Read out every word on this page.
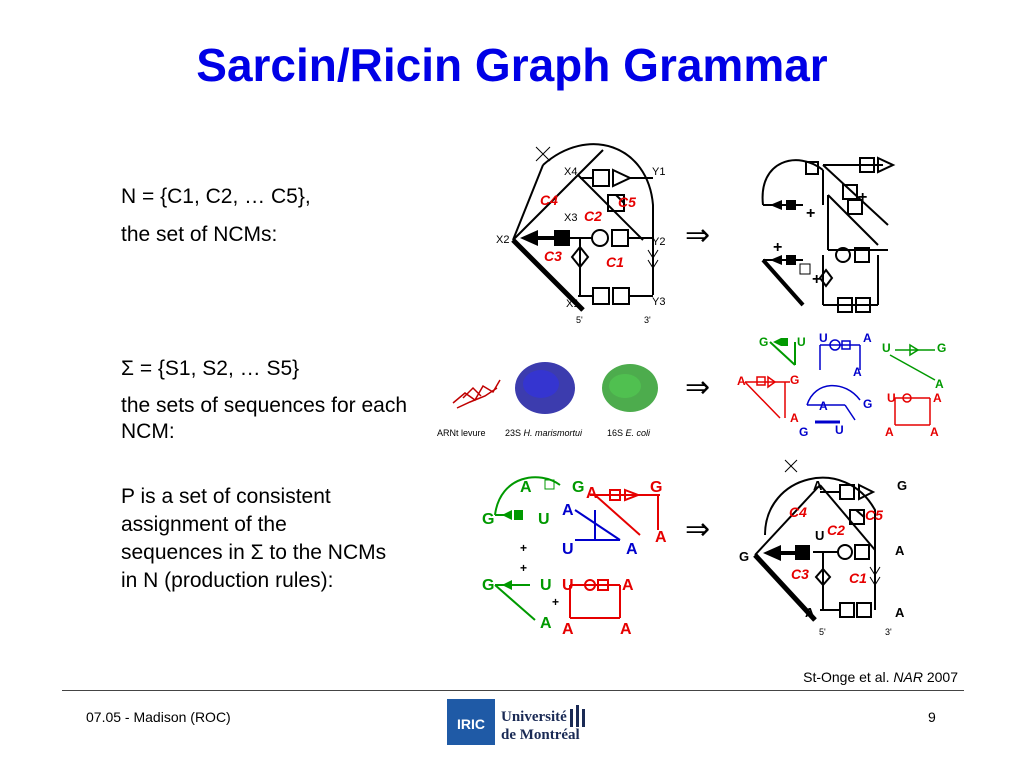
Sarcin/Ricin Graph Grammar

N = {C1, C2, … C5},

the set of NCMs:

Σ = {S1, S2, … S5}

the sets of sequences for each NCM:

P is a set of consistent assignment of the sequences in Σ to the NCMs in N (production rules):

X4
X3
X2
X1
Y1
Y2
Y3
5'	3'
C4	C5
C2
C3	C1
⇒
+
+
+
+
ARNt levure 23S H. marismortui	16S E. coli
⇒
G U U	A
A
U	G
A
A	G
A
A	G
G U
U	A
A	A
A	G A	G
G	U
A
A
U	A
G	U U	A
A A	A
+
+
+
⇒
A	G
G
U
A
A	A
5'	3'
C4	C5
C2
C3	C1
St-Onge et al. NAR 2007
07.05 - Madison (ROC)	9
IRIC Université
de Montréal
